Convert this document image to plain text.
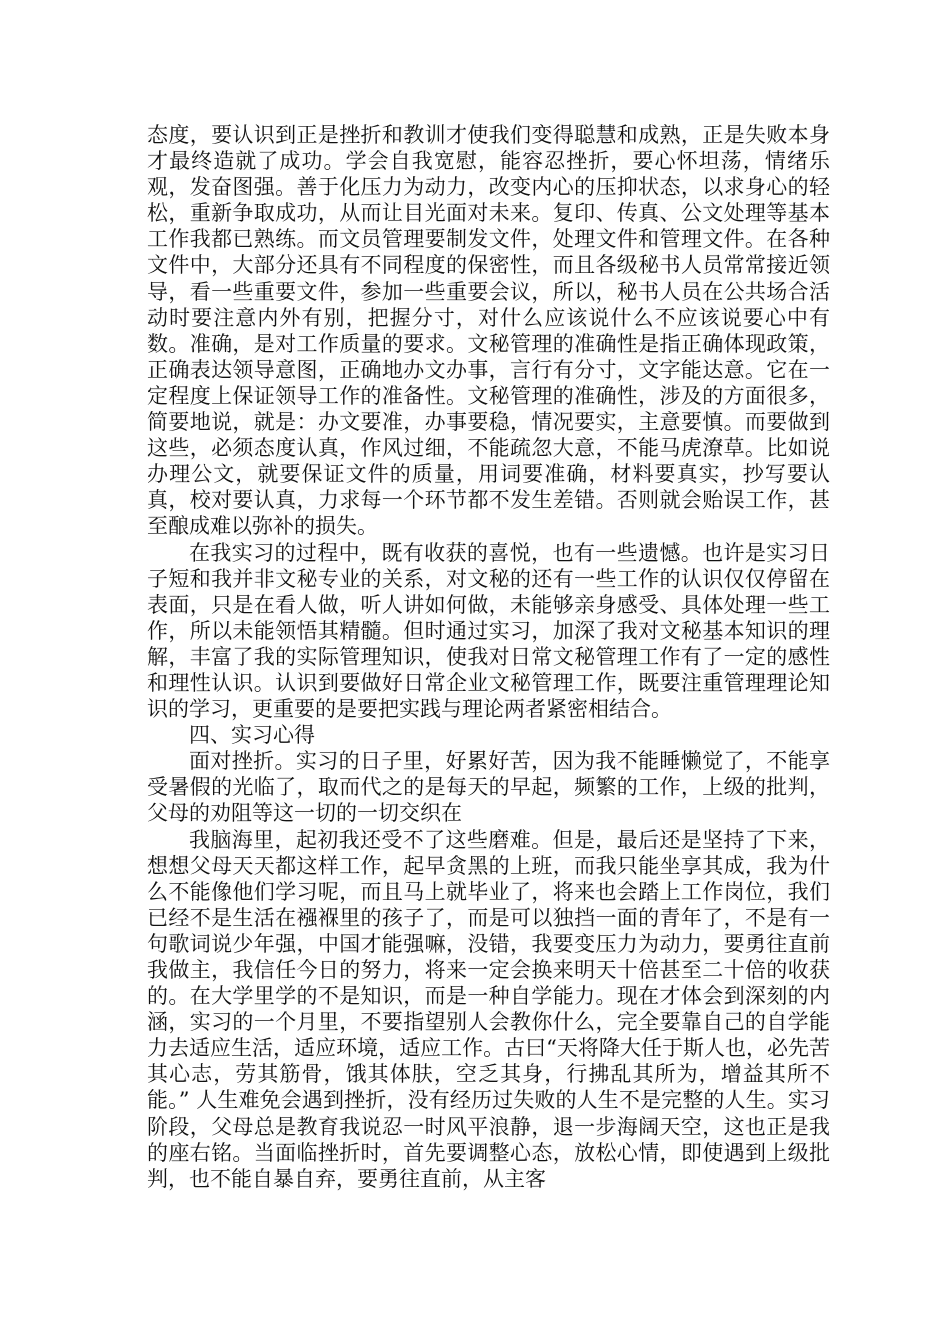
态度，要认识到正是挫折和教训才使我们变得聪慧和成熟，正是失败本身才最终造就了成功。学会自我宽慰，能容忍挫折，要心怀坦荡，情绪乐观，发奋图强。善于化压力为动力，改变内心的压抑状态，以求身心的轻松，重新争取成功，从而让目光面对未来。复印、传真、公文处理等基本工作我都已熟练。而文员管理要制发文件，处理文件和管理文件。在各种文件中，大部分还具有不同程度的保密性，而且各级秘书人员常常接近领导，看一些重要文件，参加一些重要会议，所以，秘书人员在公共场合活动时要注意内外有别，把握分寸，对什么应该说什么不应该说要心中有数。准确，是对工作质量的要求。文秘管理的准确性是指正确体现政策，正确表达领导意图，正确地办文办事，言行有分寸，文字能达意。它在一定程度上保证领导工作的准备性。文秘管理的准确性，涉及的方面很多，简要地说，就是：办文要准，办事要稳，情况要实，主意要慎。而要做到这些，必须态度认真，作风过细，不能疏忽大意，不能马虎潦草。比如说办理公文，就要保证文件的质量，用词要准确，材料要真实，抄写要认真，校对要认真，力求每一个环节都不发生差错。否则就会贻误工作，甚至酿成难以弥补的损失。

在我实习的过程中，既有收获的喜悦，也有一些遗憾。也许是实习日子短和我并非文秘专业的关系，对文秘的还有一些工作的认识仅仅停留在表面，只是在看人做，听人讲如何做，未能够亲身感受、具体处理一些工作，所以未能领悟其精髓。但时通过实习，加深了我对文秘基本知识的理解，丰富了我的实际管理知识，使我对日常文秘管理工作有了一定的感性和理性认识。认识到要做好日常企业文秘管理工作，既要注重管理理论知识的学习，更重要的是要把实践与理论两者紧密相结合。

四、实习心得

面对挫折。实习的日子里，好累好苦，因为我不能睡懒觉了，不能享受暑假的光临了，取而代之的是每天的早起，频繁的工作，上级的批判，父母的劝阻等这一切的一切交织在

我脑海里，起初我还受不了这些磨难。但是，最后还是坚持了下来，想想父母天天都这样工作，起早贪黑的上班，而我只能坐享其成，我为什么不能像他们学习呢，而且马上就毕业了，将来也会踏上工作岗位，我们已经不是生活在襁褓里的孩子了，而是可以独挡一面的青年了，不是有一句歌词说少年强，中国才能强嘛，没错，我要变压力为动力，要勇往直前我做主，我信任今日的努力，将来一定会换来明天十倍甚至二十倍的收获的。在大学里学的不是知识，而是一种自学能力。现在才体会到深刻的内涵，实习的一个月里，不要指望别人会教你什么，完全要靠自己的自学能力去适应生活，适应环境，适应工作。古曰“天将降大任于斯人也，必先苦其心志，劳其筋骨，饿其体肤，空乏其身，行拂乱其所为，增益其所不能。” 人生难免会遇到挫折，没有经历过失败的人生不是完整的人生。实习阶段，父母总是教育我说忍一时风平浪静，退一步海阔天空，这也正是我的座右铭。当面临挫折时，首先要调整心态，放松心情，即使遇到上级批判，也不能自暴自弃，要勇往直前，从主客
